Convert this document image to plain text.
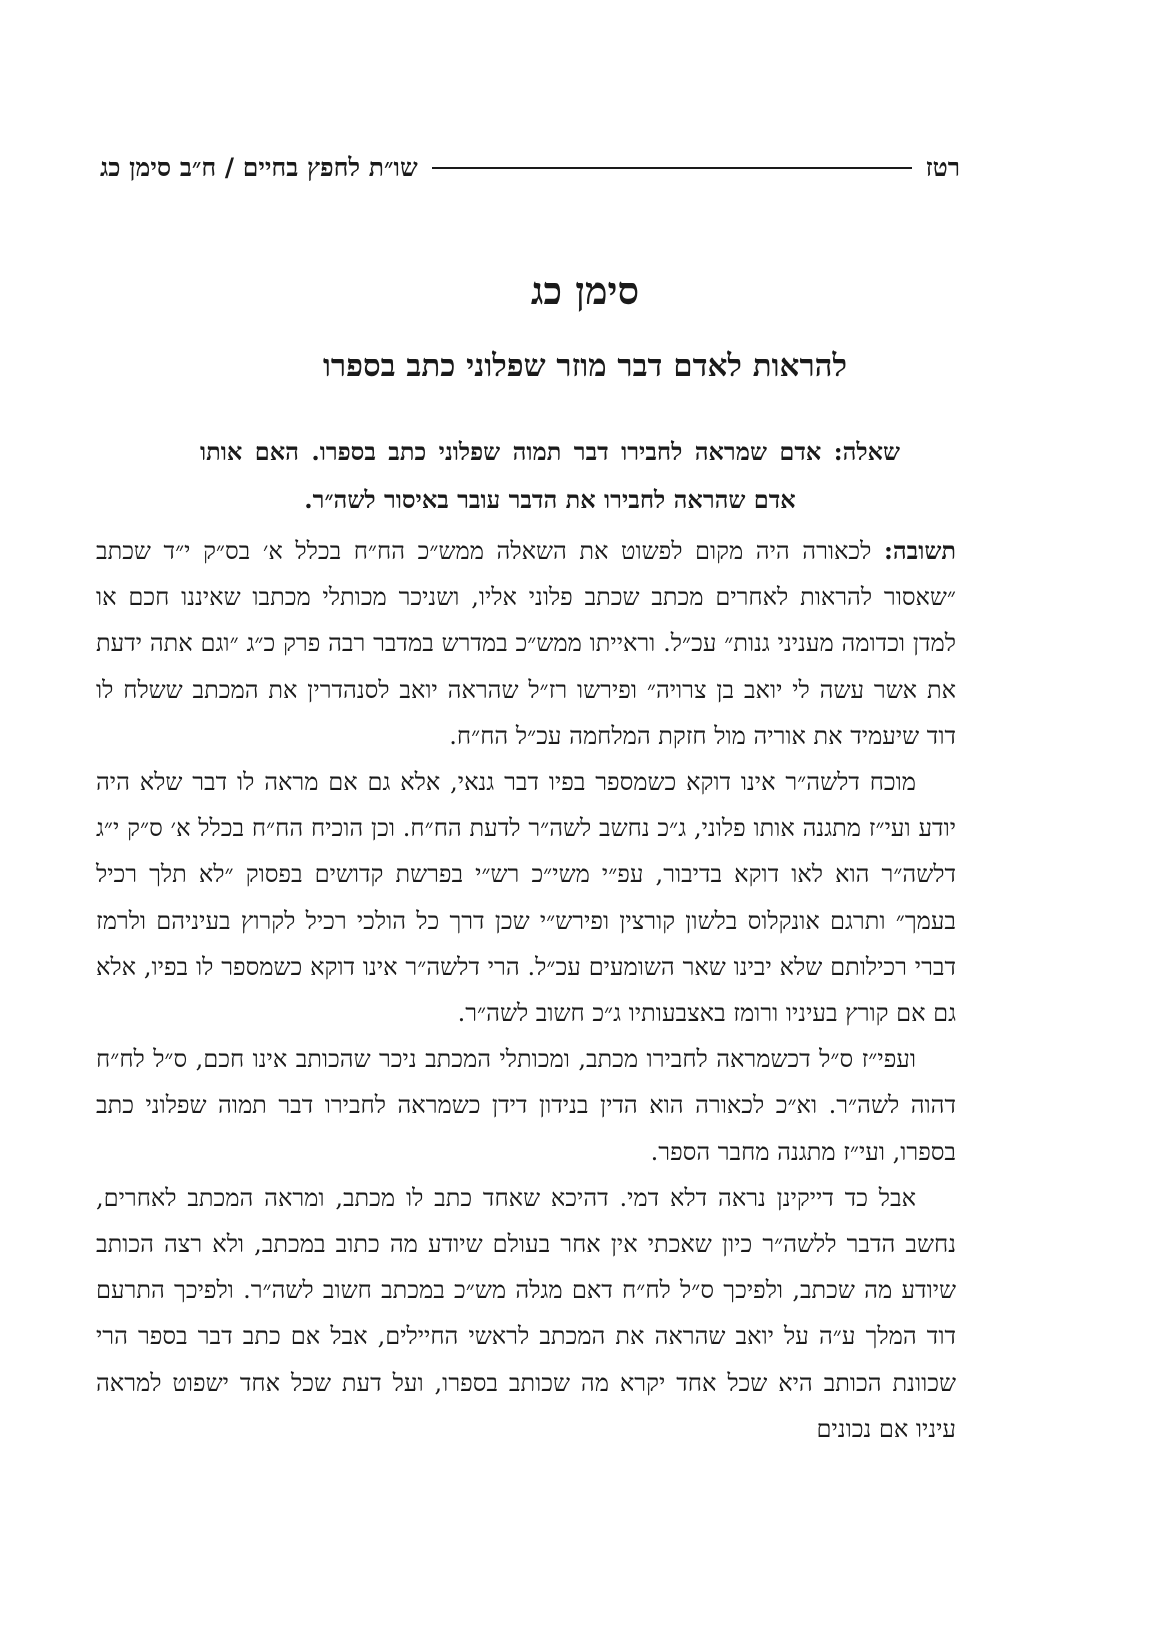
רטז
שו״ת לחפץ בחיים / ח״ב סימן כג
סימן כג
להראות לאדם דבר מוזר שפלוני כתב בספרו
שאלה: אדם שמראה לחבירו דבר תמוה שפלוני כתב בספרו. האם אותו אדם שהראה לחבירו את הדבר עובר באיסור לשה״ר.

תשובה: לכאורה היה מקום לפשוט את השאלה ממש״כ הח״ח בכלל א׳ בס״ק י״ד שכתב ״שאסור להראות לאחרים מכתב שכתב פלוני אליו, ושניכר מכותלי מכתבו שאיננו חכם או למדן וכדומה מעניני גנות״ עכ״ל. וראייתו ממש״כ במדרש במדבר רבה פרק כ״ג ״וגם אתה ידעת את אשר עשה לי יואב בן צרויה״ ופירשו רז״ל שהראה יואב לסנהדרין את המכתב ששלח לו דוד שיעמיד את אוריה מול חזקת המלחמה עכ״ל הח״ח.

מוכח דלשה״ר אינו דוקא כשמספר בפיו דבר גנאי, אלא גם אם מראה לו דבר שלא היה יודע ועי״ז מתגנה אותו פלוני, ג״כ נחשב לשה״ר לדעת הח״ח. וכן הוכיח הח״ח בכלל א׳ ס״ק י״ג דלשה״ר הוא לאו דוקא בדיבור, עפ״י משי״כ רש״י בפרשת קדושים בפסוק ״לא תלך רכיל בעמך״ ותרגם אונקלוס בלשון קורצין ופירש״י שכן דרך כל הולכי רכיל לקרוץ בעיניהם ולרמז דברי רכילותם שלא יבינו שאר השומעים עכ״ל. הרי דלשה״ר אינו דוקא כשמספר לו בפיו, אלא גם אם קורץ בעיניו ורומז באצבעותיו ג״כ חשוב לשה״ר.

ועפי״ז ס״ל דכשמראה לחבירו מכתב, ומכותלי המכתב ניכר שהכותב אינו חכם, ס״ל לח״ח דהוה לשה״ר. וא״כ לכאורה הוא הדין בנידון דידן כשמראה לחבירו דבר תמוה שפלוני כתב בספרו, ועי״ז מתגנה מחבר הספר.

אבל כד דייקינן נראה דלא דמי. דהיכא שאחד כתב לו מכתב, ומראה המכתב לאחרים, נחשב הדבר ללשה״ר כיון שאכתי אין אחר בעולם שיודע מה כתוב במכתב, ולא רצה הכותב שיודע מה שכתב, ולפיכך ס״ל לח״ח דאם מגלה מש״כ במכתב חשוב לשה״ר. ולפיכך התרעם דוד המלך ע״ה על יואב שהראה את המכתב לראשי החיילים, אבל אם כתב דבר בספר הרי שכוונת הכותב היא שכל אחד יקרא מה שכותב בספרו, ועל דעת שכל אחד ישפוט למראה עיניו אם נכונים
